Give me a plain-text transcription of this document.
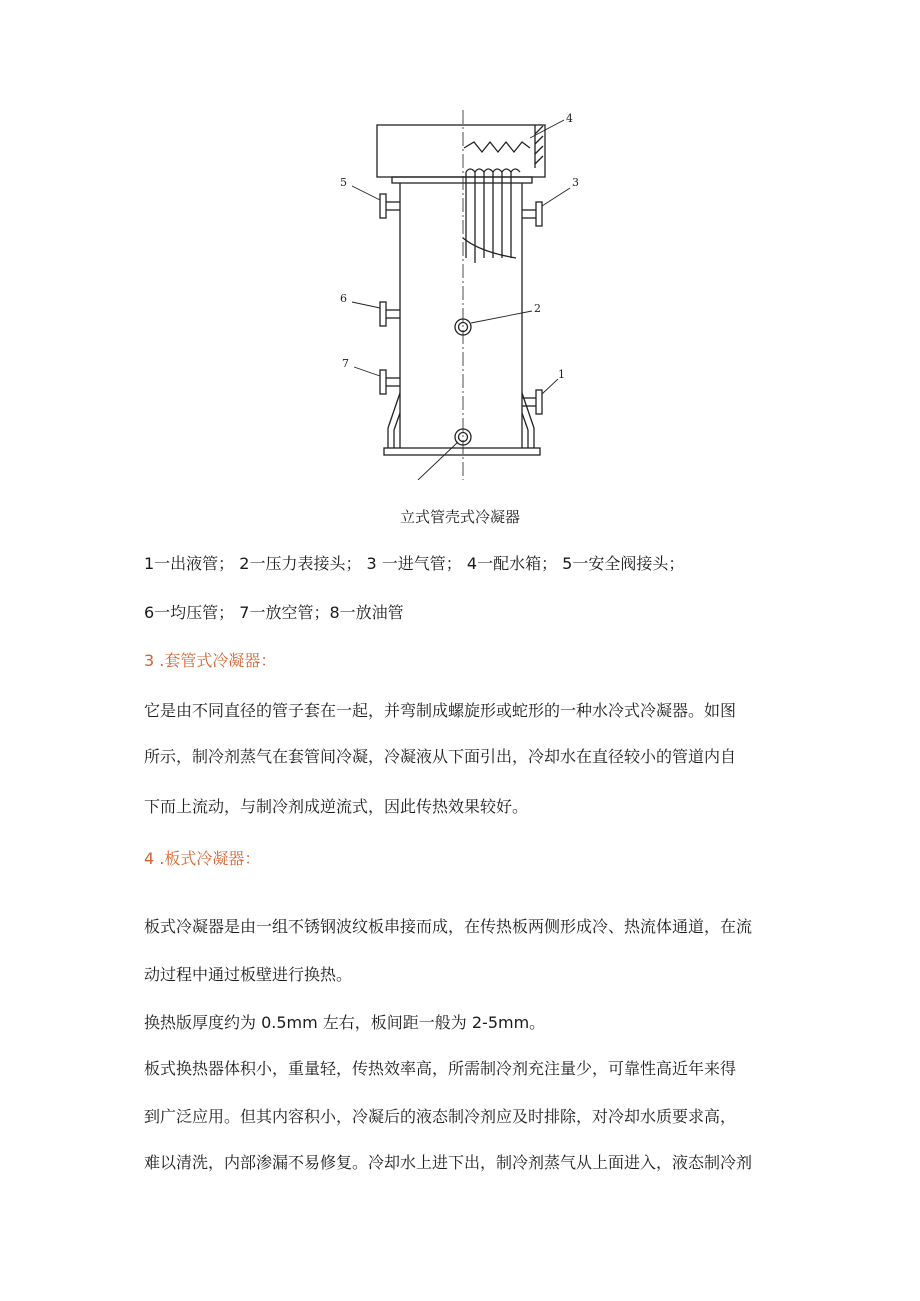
4
5	3
6
2
7
1
立式管壳式冷凝器
1一出液管； 2一压力表接头； 3 一进气管； 4一配水箱； 5一安全阀接头；
6一均压管； 7一放空管；8一放油管
3 .套管式冷凝器：
它是由不同直径的管子套在一起，并弯制成螺旋形或蛇形的一种水冷式冷凝器。如图
所示，制冷剂蒸气在套管间冷凝，冷凝液从下面引出，冷却水在直径较小的管道内自
下而上流动，与制冷剂成逆流式，因此传热效果较好。
4 .板式冷凝器：
板式冷凝器是由一组不锈钢波纹板串接而成，在传热板两侧形成冷、热流体通道，在流
动过程中通过板壁进行换热。
换热版厚度约为 0.5mm 左右，板间距一般为 2-5mm。
板式换热器体积小，重量轻，传热效率高，所需制冷剂充注量少，可靠性高近年来得
到广泛应用。但其内容积小，冷凝后的液态制冷剂应及时排除，对冷却水质要求高，
难以清洗，内部渗漏不易修复。冷却水上进下出，制冷剂蒸气从上面进入，液态制冷剂
